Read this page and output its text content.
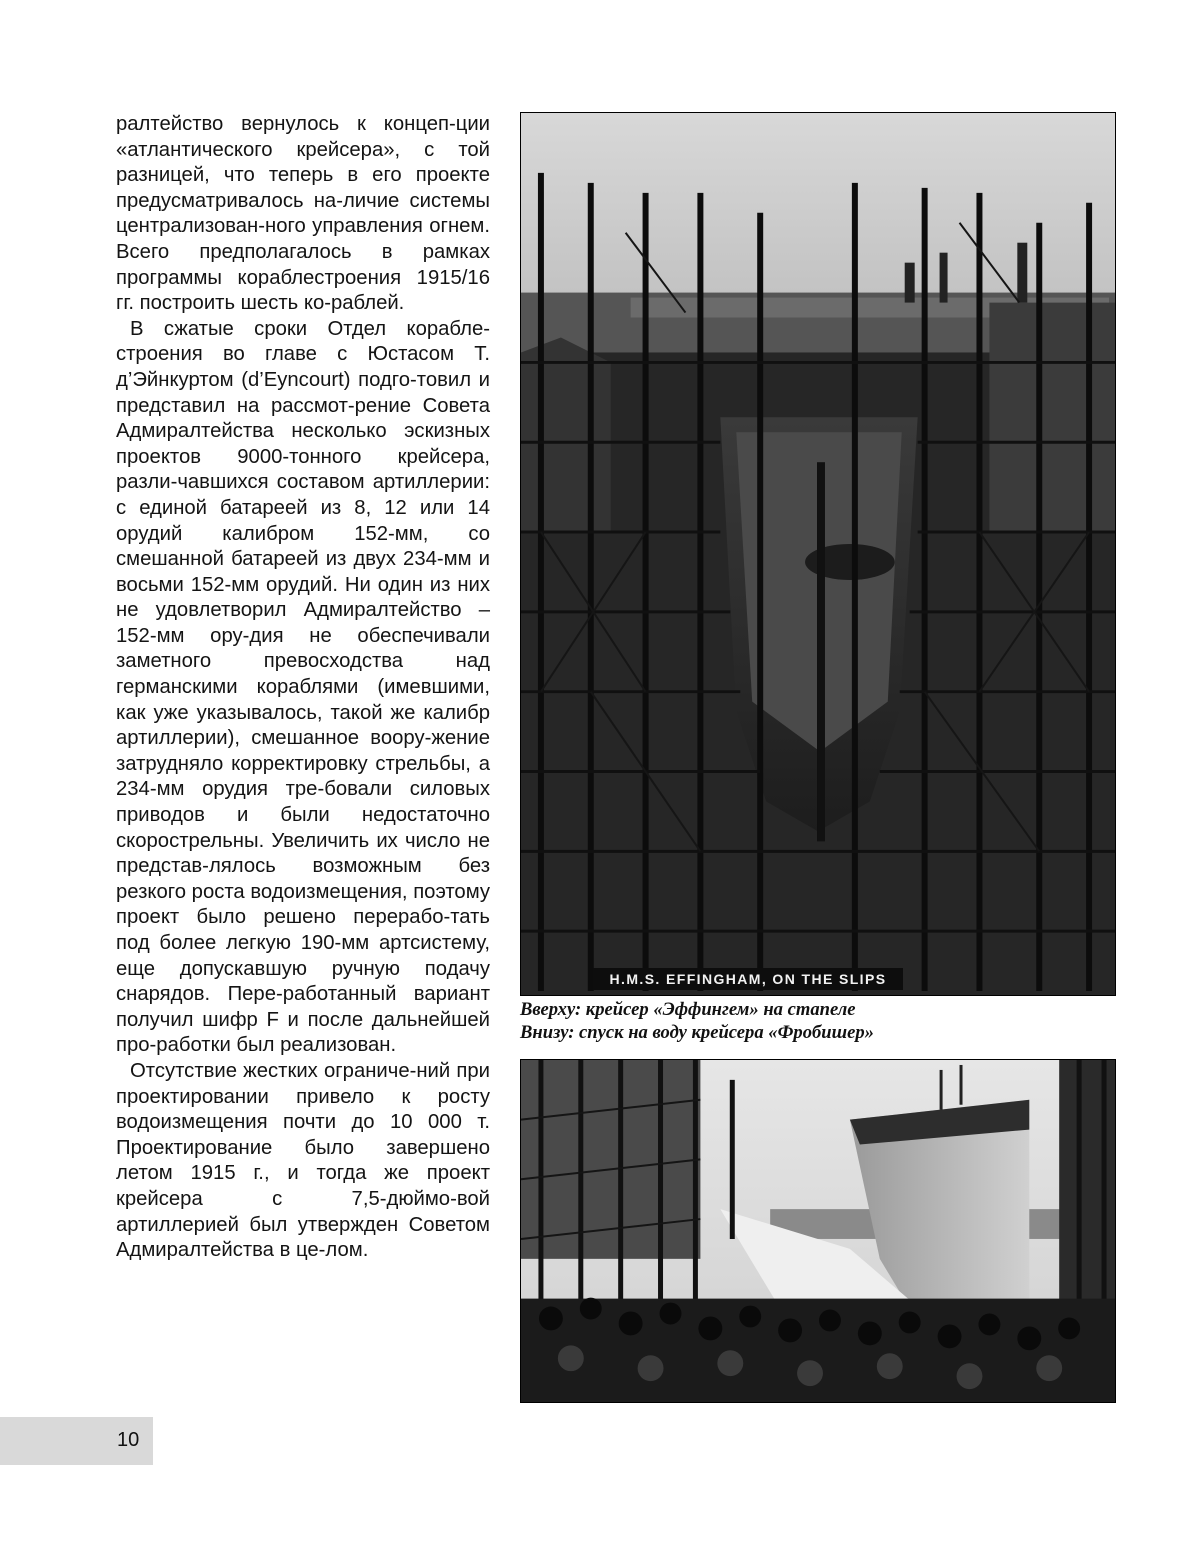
ралтейство вернулось к концеп-ции «атлантического крейсера», с той разницей, что теперь в его проекте предусматривалось на-личие системы централизован-ного управления огнем. Всего предполагалось в рамках программы кораблестроения 1915/16 гг. построить шесть ко-раблей.

В сжатые сроки Отдел корабле-строения во главе с Юстасом Т. д’Эйнкуртом (d’Eyncourt) подго-товил и представил на рассмот-рение Совета Адмиралтейства несколько эскизных проектов 9000-тонного крейсера, разли-чавшихся составом артиллерии: с единой батареей из 8, 12 или 14 орудий калибром 152-мм, со смешанной батареей из двух 234-мм и восьми 152-мм орудий. Ни один из них не удовлетворил Адмиралтейство – 152-мм ору-дия не обеспечивали заметного превосходства над германскими кораблями (имевшими, как уже указывалось, такой же калибр артиллерии), смешанное воору-жение затрудняло корректировку стрельбы, а 234-мм орудия тре-бовали силовых приводов и были недостаточно скорострельны. Увеличить их число не представ-лялось возможным без резкого роста водоизмещения, поэтому проект было решено перерабо-тать под более легкую 190-мм артсистему, еще допускавшую ручную подачу снарядов. Пере-работанный вариант получил шифр F и после дальнейшей про-работки был реализован.

Отсутствие жестких ограниче-ний при проектировании привело к росту водоизмещения почти до 10 000 т. Проектирование было завершено летом 1915 г., и тогда же проект крейсера с 7,5-дюймо-вой артиллерией был утвержден Советом Адмиралтейства в це-лом.

H.M.S. EFFINGHAM, ON THE SLIPS
Вверху: крейсер «Эффингем» на стапеле
Внизу: спуск на воду крейсера «Фробишер»
10
